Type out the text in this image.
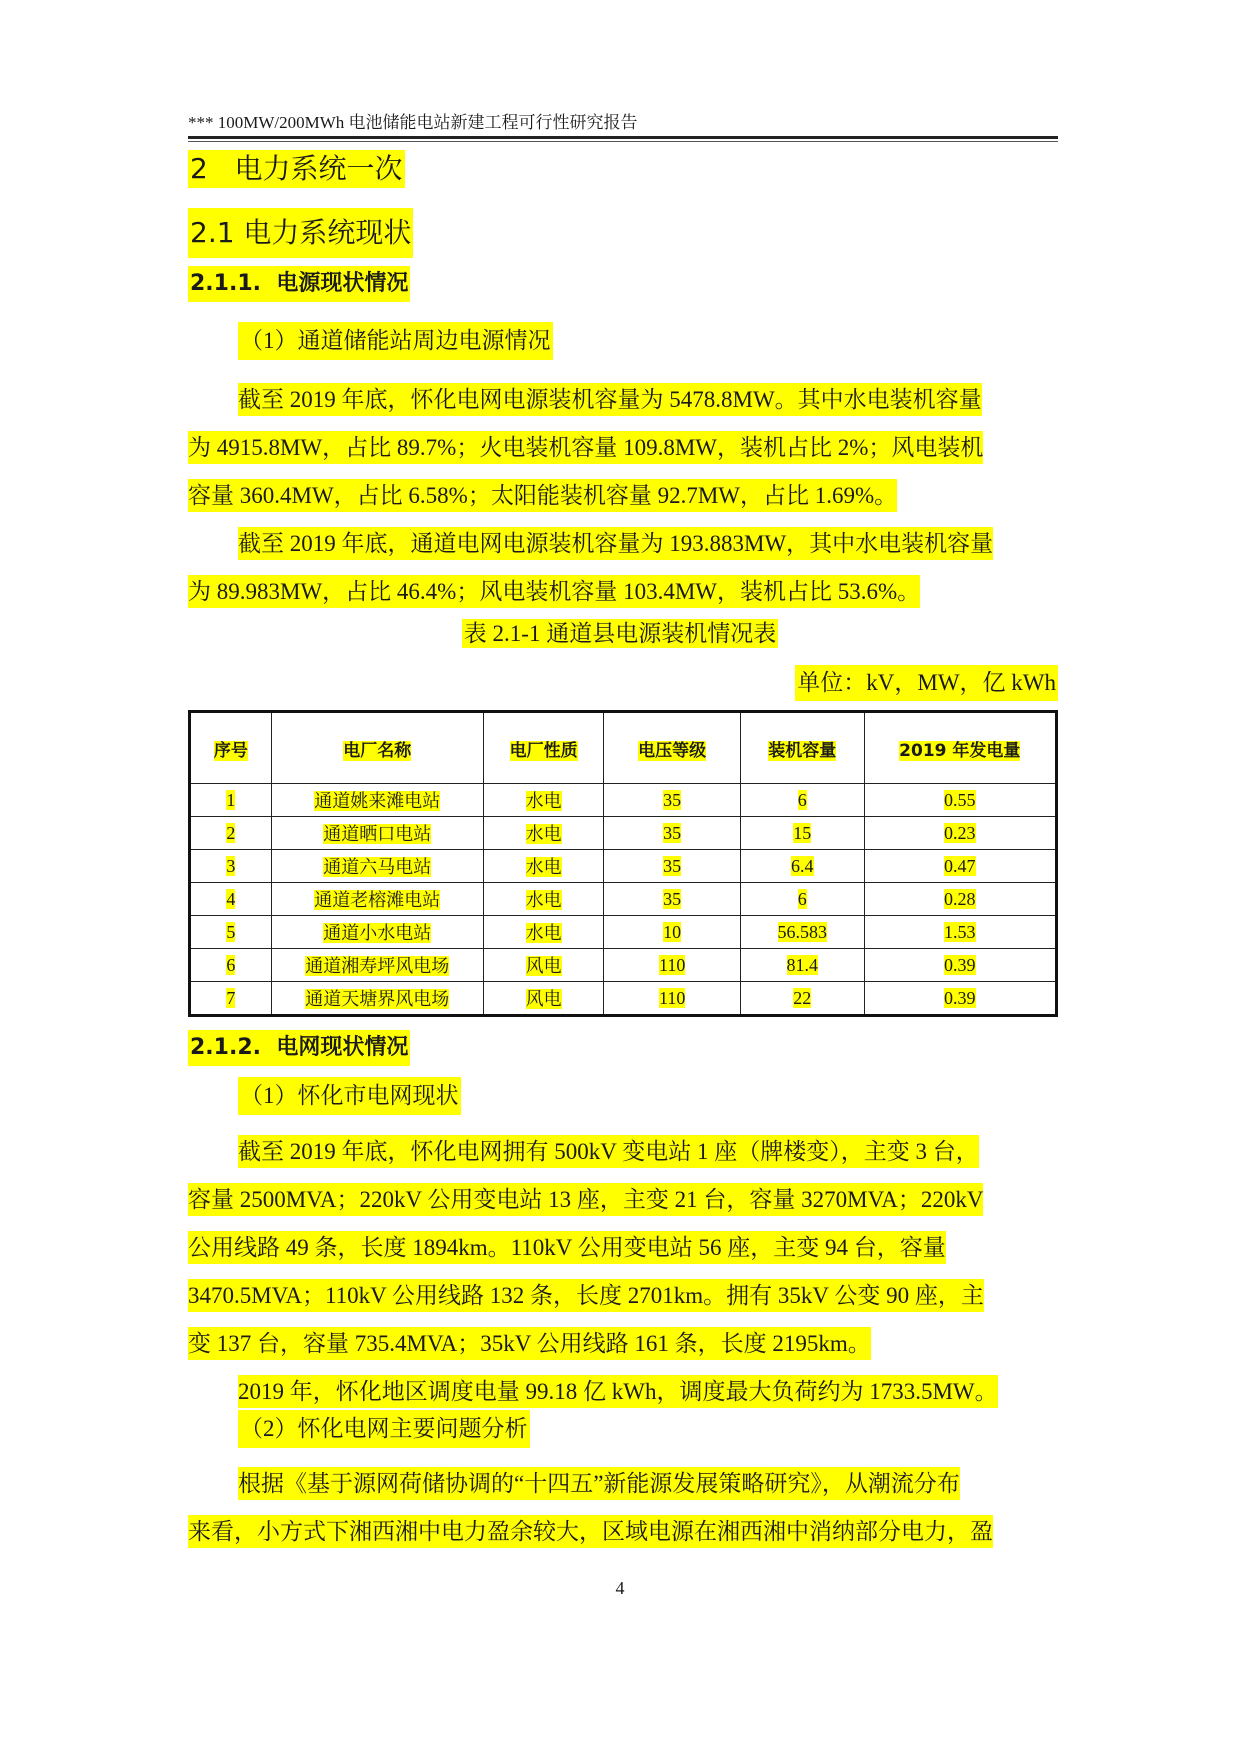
*** 100MW/200MWh 电池储能电站新建工程可行性研究报告
2   电力系统一次
2.1 电力系统现状
2.1.1.  电源现状情况
（1）通道储能站周边电源情况
截至 2019 年底，怀化电网电源装机容量为 5478.8MW。其中水电装机容量
为 4915.8MW，占比 89.7%；火电装机容量 109.8MW，装机占比 2%；风电装机
容量 360.4MW，占比 6.58%；太阳能装机容量 92.7MW，占比 1.69%。
截至 2019 年底，通道电网电源装机容量为 193.883MW，其中水电装机容量
为 89.983MW，占比 46.4%；风电装机容量 103.4MW，装机占比 53.6%。
表 2.1-1 通道县电源装机情况表
单位：kV，MW，亿 kWh
序号	电厂名称	电厂性质	电压等级	装机容量	2019 年发电量
1	通道姚来滩电站	水电	35	6	0.55
2	通道晒口电站	水电	35	15	0.23
3	通道六马电站	水电	35	6.4	0.47
4	通道老榕滩电站	水电	35	6	0.28
5	通道小水电站	水电	10	56.583	1.53
6	通道湘寿坪风电场	风电	110	81.4	0.39
7	通道天塘界风电场	风电	110	22	0.39
2.1.2.  电网现状情况
（1）怀化市电网现状
截至 2019 年底，怀化电网拥有 500kV 变电站 1 座（牌楼变），主变 3 台，
容量 2500MVA；220kV 公用变电站 13 座，主变 21 台，容量 3270MVA；220kV
公用线路 49 条，长度 1894km。110kV 公用变电站 56 座，主变 94 台，容量
3470.5MVA；110kV 公用线路 132 条，长度 2701km。拥有 35kV 公变 90 座，主
变 137 台，容量 735.4MVA；35kV 公用线路 161 条，长度 2195km。
2019 年，怀化地区调度电量 99.18 亿 kWh，调度最大负荷约为 1733.5MW。
（2）怀化电网主要问题分析
根据《基于源网荷储协调的“十四五”新能源发展策略研究》，从潮流分布
来看，小方式下湘西湘中电力盈余较大，区域电源在湘西湘中消纳部分电力，盈
4
